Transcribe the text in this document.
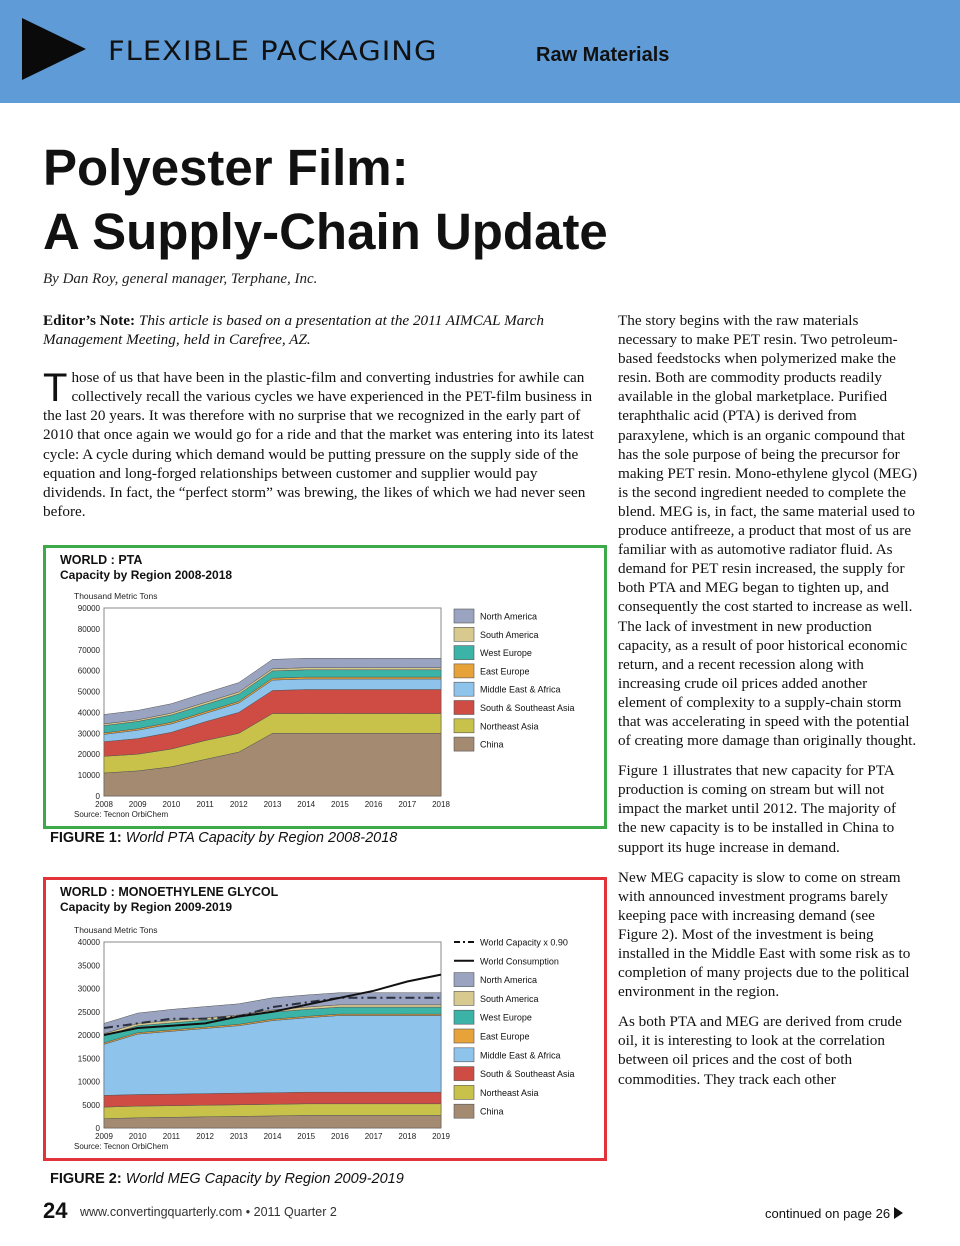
FLEXIBLE PACKAGING	Raw Materials
Polyester Film:
A Supply-Chain Update
By Dan Roy, general manager, Terphane, Inc.

Editor’s Note: This article is based on a presentation at the 2011 AIMCAL March Management Meeting, held in Carefree, AZ.

Those of us that have been in the plastic-film and converting industries for awhile can collectively recall the various cycles we have experienced in the PET-film business in the last 20 years. It was therefore with no surprise that we recognized in the early part of 2010 that once again we would go for a ride and that the market was entering into its latest cycle: A cycle during which demand would be putting pressure on the supply side of the equation and long-forged relationships between customer and supplier would pay dividends. In fact, the “perfect storm” was brewing, the likes of which we had never seen before.

The story begins with the raw materials necessary to make PET resin. Two petroleum-based feedstocks when polymerized make the resin. Both are commodity products readily available in the global marketplace. Purified teraphthalic acid (PTA) is derived from paraxylene, which is an organic compound that has the sole purpose of being the precursor for making PET resin. Mono-ethylene glycol (MEG) is the second ingredient needed to complete the blend. MEG is, in fact, the same material used to produce antifreeze, a product that most of us are familiar with as automotive radiator fluid. As demand for PET resin increased, the supply for both PTA and MEG began to tighten up, and consequently the cost started to increase as well. The lack of investment in new production capacity, as a result of poor historical economic return, and a recent recession along with increasing crude oil prices added another element of complexity to a supply-chain storm that was accelerating in speed with the potential of creating more damage than originally thought.

Figure 1 illustrates that new capacity for PTA production is coming on stream but will not impact the market until 2012. The majority of the new capacity is to be installed in China to support its huge increase in demand.

New MEG capacity is slow to come on stream with announced investment programs barely keeping pace with increasing demand (see Figure 2). Most of the investment is being installed in the Middle East with some risk as to completion of many projects due to the political environment in the region.

As both PTA and MEG are derived from crude oil, it is interesting to look at the correlation between oil prices and the cost of both commodities. They track each other

WORLD : PTA
Capacity by Region 2008-2018
Thousand Metric Tons
90000
80000
70000
60000
50000
40000
30000
20000
10000
0
2008 2009 2010 2011 2012 2013 2014 2015 2016 2017 2018
North America
South America
West Europe
East Europe
Middle East & Africa
South & Southeast Asia
Northeast Asia
China
Source: Tecnon OrbiChem
FIGURE 1: World PTA Capacity by Region 2008-2018
WORLD : MONOETHYLENE GLYCOL
Capacity by Region 2009-2019
Thousand Metric Tons
40000
35000
30000
25000
20000
15000
10000
5000
0
2009 2010 2011 2012 2013 2014 2015 2016 2017 2018 2019
World Capacity x 0.90
World Consumption
North America
South America
West Europe
East Europe
Middle East & Africa
South & Southeast Asia
Northeast Asia
China
Source: Tecnon OrbiChem
FIGURE 2: World MEG Capacity by Region 2009-2019
24 www.convertingquarterly.com • 2011 Quarter 2	continued on page 26
